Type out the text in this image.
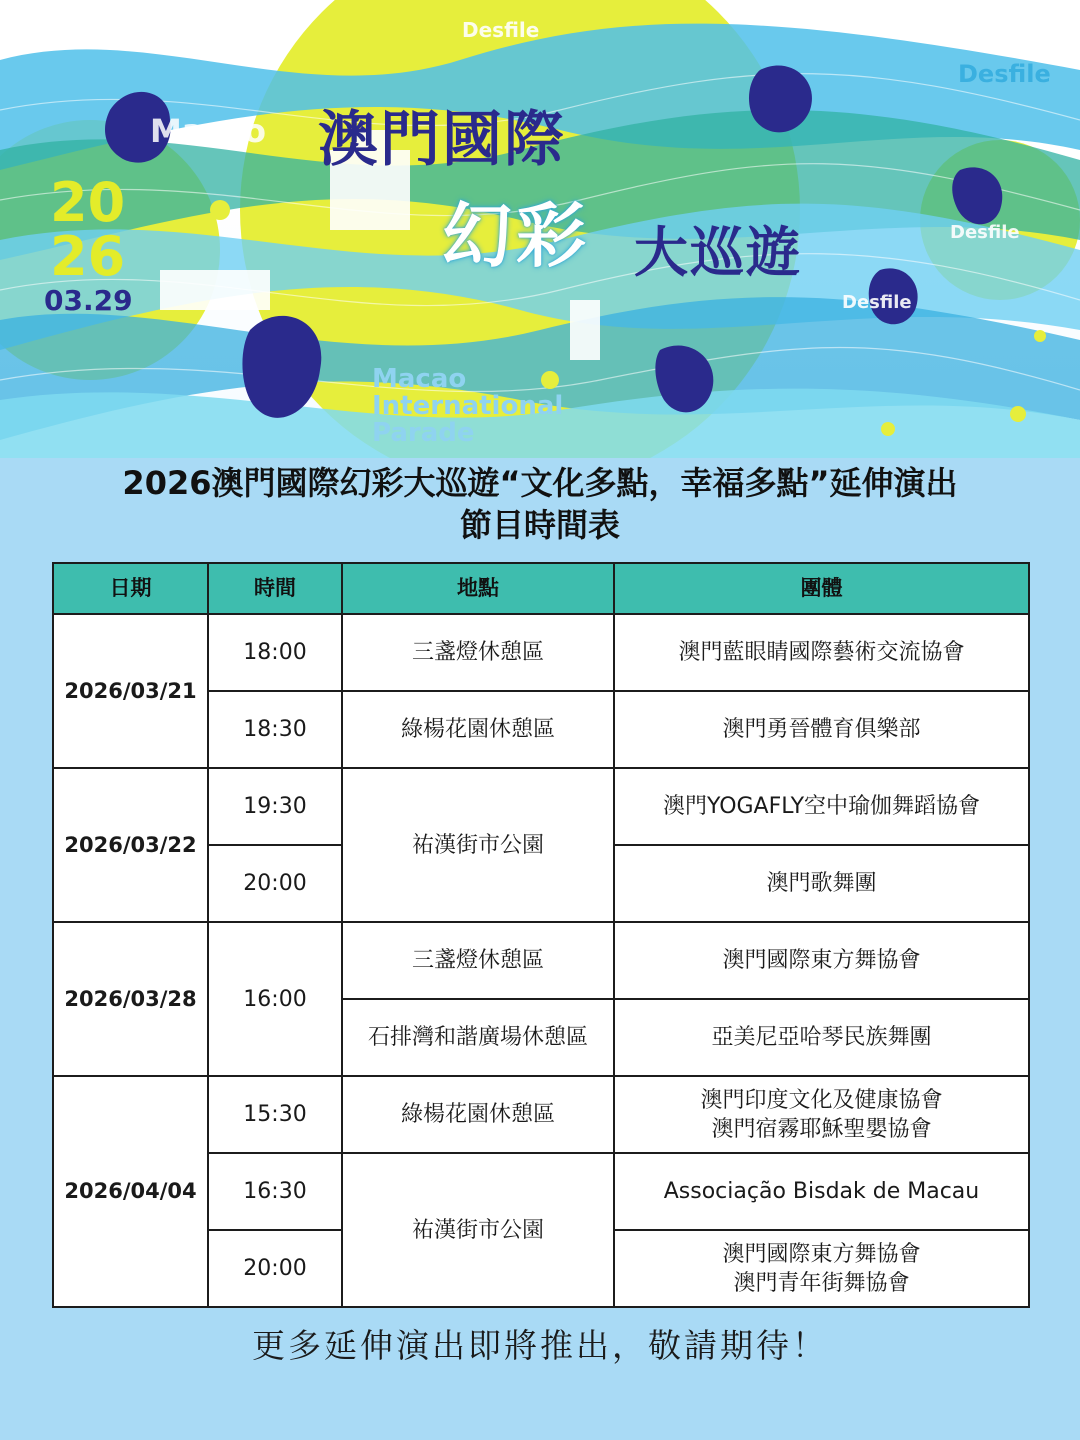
Desfile
Desfile
Macao
Desfile
Desfile
澳門國際
幻彩 大巡遊
20
26
03.29
Macao International Parade
2026澳門國際幻彩大巡遊“文化多點，幸福多點”延伸演出
節目時間表
日期	時間	地點	團體
2026/03/21	18:00	三盞燈休憩區	澳門藍眼睛國際藝術交流協會
	18:30	綠楊花園休憩區	澳門勇晉體育俱樂部
2026/03/22	19:30	祐漢街市公園	澳門YOGAFLY空中瑜伽舞蹈協會
	20:00		澳門歌舞團
2026/03/28	16:00	三盞燈休憩區	澳門國際東方舞協會
		石排灣和諧廣場休憩區	亞美尼亞哈琴民族舞團
2026/04/04	15:30	綠楊花園休憩區	澳門印度文化及健康協會
澳門宿霧耶穌聖嬰協會

	16:30	祐漢街市公園	Associação Bisdak de Macau
	20:00		澳門國際東方舞協會
澳門青年街舞協會
更多延伸演出即將推出，敬請期待！
